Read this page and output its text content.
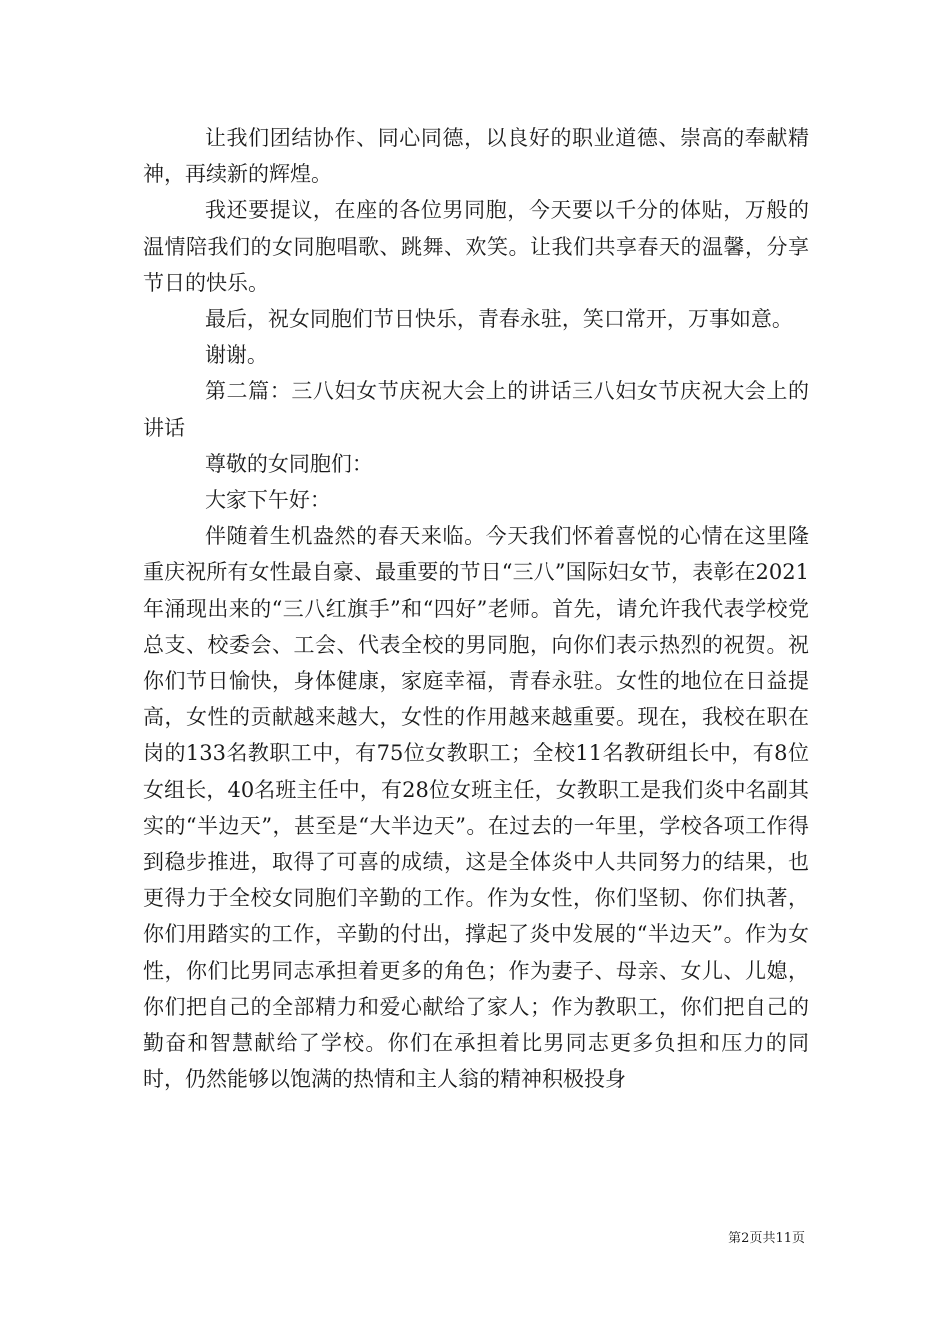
让我们团结协作、同心同德，以良好的职业道德、崇高的奉献精神，再续新的辉煌。

我还要提议，在座的各位男同胞，今天要以千分的体贴，万般的温情陪我们的女同胞唱歌、跳舞、欢笑。让我们共享春天的温馨，分享节日的快乐。

最后，祝女同胞们节日快乐，青春永驻，笑口常开，万事如意。

谢谢。

第二篇：三八妇女节庆祝大会上的讲话三八妇女节庆祝大会上的讲话

尊敬的女同胞们：

大家下午好：

伴随着生机盎然的春天来临。今天我们怀着喜悦的心情在这里隆重庆祝所有女性最自豪、最重要的节日“三八”国际妇女节，表彰在2021年涌现出来的“三八红旗手”和“四好”老师。首先，请允许我代表学校党总支、校委会、工会、代表全校的男同胞，向你们表示热烈的祝贺。祝你们节日愉快，身体健康，家庭幸福，青春永驻。女性的地位在日益提高，女性的贡献越来越大，女性的作用越来越重要。现在，我校在职在岗的133名教职工中，有75位女教职工；全校11名教研组长中，有8位女组长，40名班主任中，有28位女班主任，女教职工是我们炎中名副其实的“半边天”，甚至是“大半边天”。在过去的一年里，学校各项工作得到稳步推进，取得了可喜的成绩，这是全体炎中人共同努力的结果，也更得力于全校女同胞们辛勤的工作。作为女性，你们坚韧、你们执著，你们用踏实的工作，辛勤的付出，撑起了炎中发展的“半边天”。作为女性，你们比男同志承担着更多的角色；作为妻子、母亲、女儿、儿媳，你们把自己的全部精力和爱心献给了家人；作为教职工，你们把自己的勤奋和智慧献给了学校。你们在承担着比男同志更多负担和压力的同时，仍然能够以饱满的热情和主人翁的精神积极投身

第2页共11页
